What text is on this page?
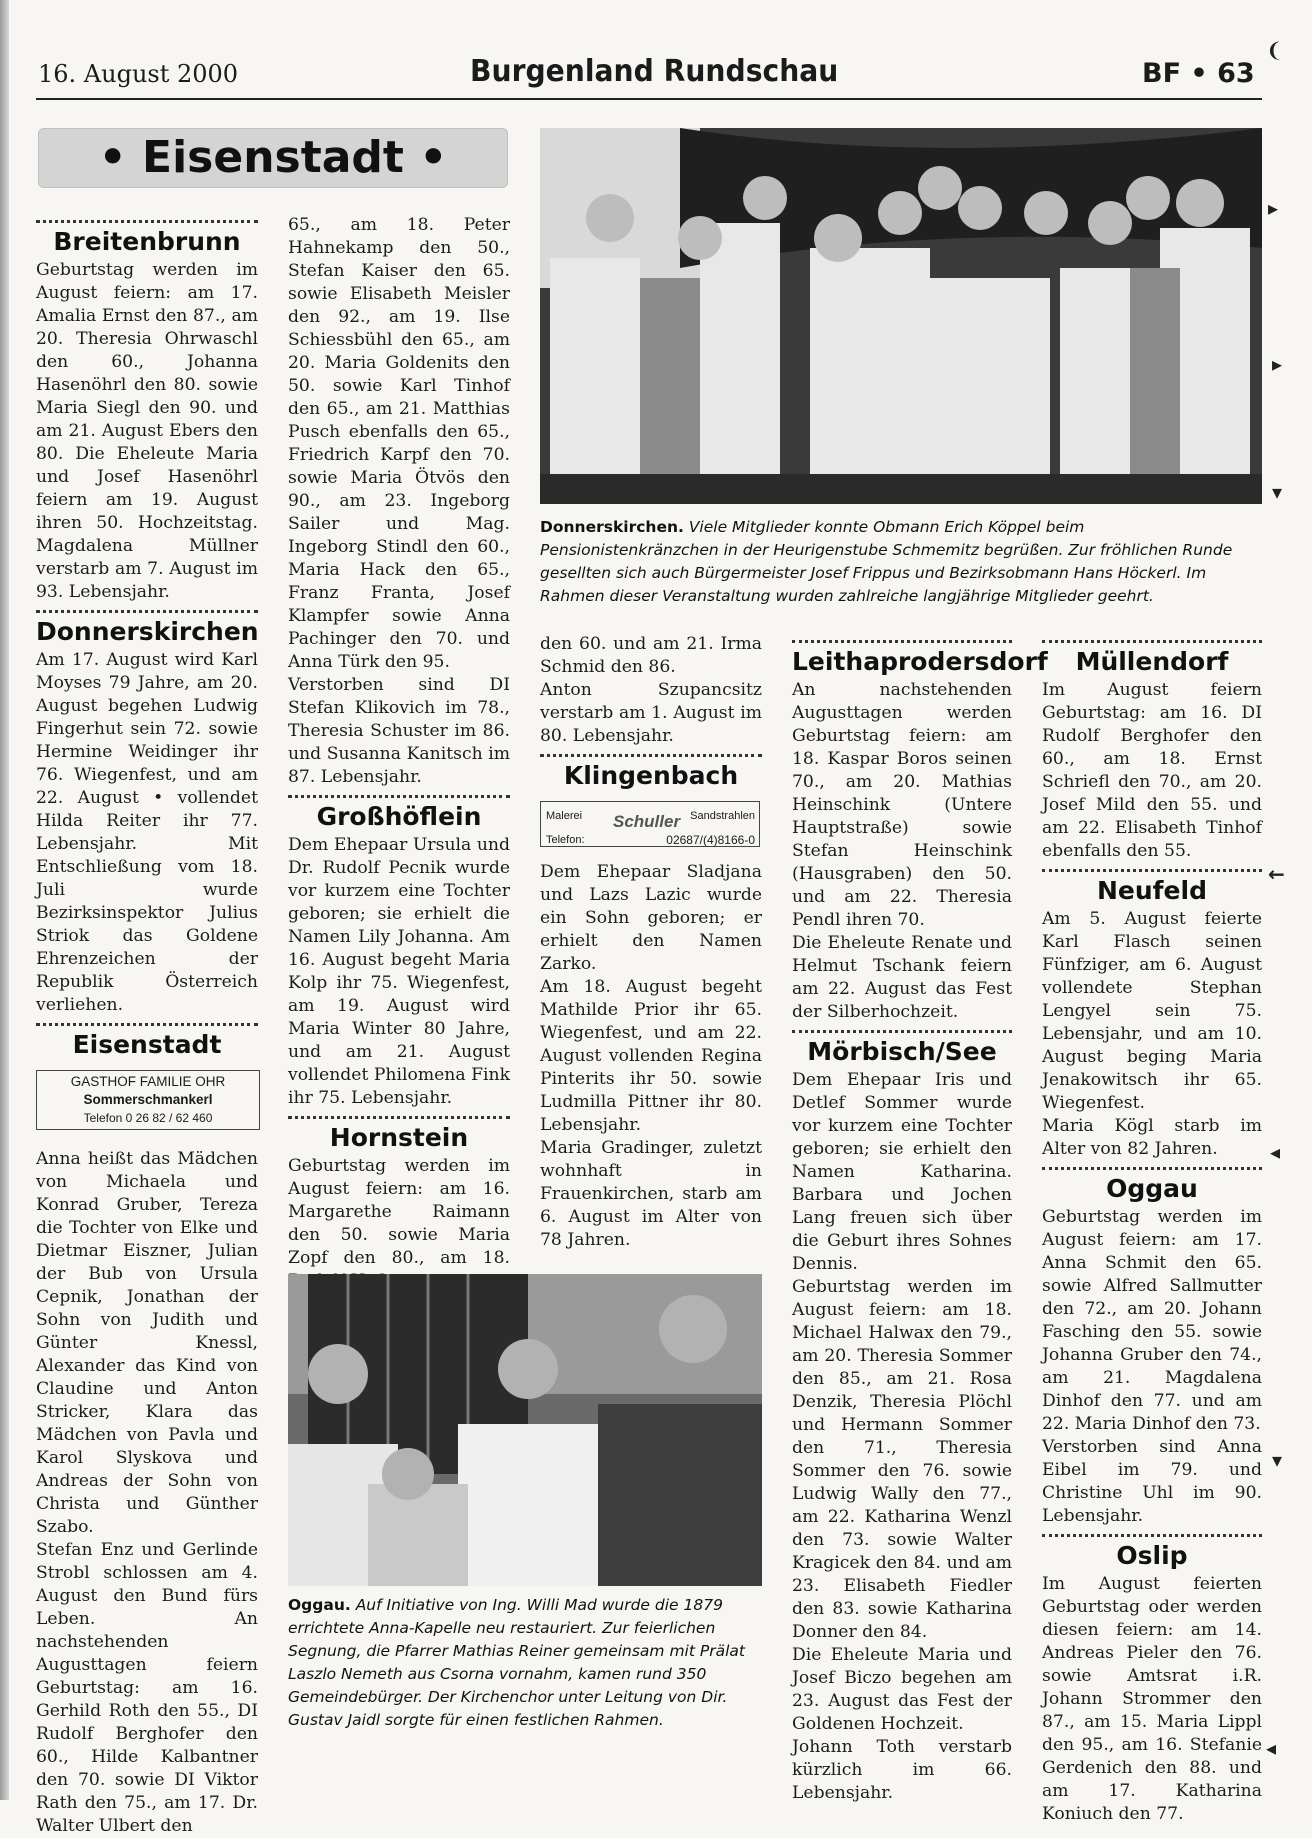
16. August 2000	Burgenland Rundschau	BF • 63
• Eisenstadt •
Breitenbrunn

Geburtstag werden im August feiern: am 17. Amalia Ernst den 87., am 20. Theresia Ohrwaschl den 60., Johanna Hasenöhrl den 80. sowie Maria Siegl den 90. und am 21. August Ebers den 80. Die Eheleute Maria und Josef Hasenöhrl feiern am 19. August ihren 50. Hochzeitstag. Magdalena Müllner verstarb am 7. August im 93. Lebensjahr.

Donnerskirchen

Am 17. August wird Karl Moyses 79 Jahre, am 20. August begehen Ludwig Fingerhut sein 72. sowie Hermine Weidinger ihr 76. Wiegenfest, und am 22. August • vollendet Hilda Reiter ihr 77. Lebensjahr. Mit Entschließung vom 18. Juli wurde Bezirksinspektor Julius Striok das Goldene Ehrenzeichen der Republik Österreich verliehen.

Eisenstadt
GASTHOF FAMILIE OHR
Sommerschmankerl
Telefon 0 26 82 / 62 460

Anna heißt das Mädchen von Michaela und Konrad Gruber, Tereza die Tochter von Elke und Dietmar Eiszner, Julian der Bub von Ursula Cepnik, Jonathan der Sohn von Judith und Günter Knessl, Alexander das Kind von Claudine und Anton Stricker, Klara das Mädchen von Pavla und Karol Slyskova und Andreas der Sohn von Christa und Günther Szabo.

Stefan Enz und Gerlinde Strobl schlossen am 4. August den Bund fürs Leben. An nachstehenden Augusttagen feiern Geburtstag: am 16. Gerhild Roth den 55., DI Rudolf Berghofer den 60., Hilde Kalbantner den 70. sowie DI Viktor Rath den 75., am 17. Dr. Walter Ulbert den

65., am 18. Peter Hahnekamp den 50., Stefan Kaiser den 65. sowie Elisabeth Meisler den 92., am 19. Ilse Schiessbühl den 65., am 20. Maria Goldenits den 50. sowie Karl Tinhof den 65., am 21. Matthias Pusch ebenfalls den 65., Friedrich Karpf den 70. sowie Maria Ötvös den 90., am 23. Ingeborg Sailer und Mag. Ingeborg Stindl den 60., Maria Hack den 65., Franz Franta, Josef Klampfer sowie Anna Pachinger den 70. und Anna Türk den 95.

Verstorben sind DI Stefan Klikovich im 78., Theresia Schuster im 86. und Susanna Kanitsch im 87. Lebensjahr.

Großhöflein

Dem Ehepaar Ursula und Dr. Rudolf Pecnik wurde vor kurzem eine Tochter geboren; sie erhielt die Namen Lily Johanna. Am 16. August begeht Maria Kolp ihr 75. Wiegenfest, am 19. August wird Maria Winter 80 Jahre, und am 21. August vollendet Philomena Fink ihr 75. Lebensjahr.

Hornstein

Geburtstag werden im August feiern: am 16. Margarethe Raimann den 50. sowie Maria Zopf den 80., am 18.

Donnerskirchen. Viele Mitglieder konnte Obmann Erich Köppel beim Pensionistenkränzchen in der Heurigenstube Schmemitz begrüßen. Zur fröhlichen Runde gesellten sich auch Bürgermeister Josef Frippus und Bezirksobmann Hans Höckerl. Im Rahmen dieser Veranstaltung wurden zahlreiche langjährige Mitglieder geehrt.

den 60. und am 21. Irma Schmid den 86.

Anton Szupancsitz verstarb am 1. August im 80. Lebensjahr.

Klingenbach
Malerei	Sandstrahlen
Schuller
Telefon:	02687/(4)8166-0

Dem Ehepaar Sladjana und Lazs Lazic wurde ein Sohn geboren; er erhielt den Namen Zarko.

Am 18. August begeht Mathilde Prior ihr 65. Wiegenfest, und am 22. August vollenden Regina Pinterits ihr 50. sowie Ludmilla Pittner ihr 80. Lebensjahr.

Maria Gradinger, zuletzt wohnhaft in Frauenkirchen, starb am 6. August im Alter von 78 Jahren.

Oggau. Auf Initiative von Ing. Willi Mad wurde die 1879 errichtete Anna-Kapelle neu restauriert. Zur feierlichen Segnung, die Pfarrer Mathias Reiner gemeinsam mit Prälat Laszlo Nemeth aus Csorna vornahm, kamen rund 350 Gemeindebürger. Der Kirchenchor unter Leitung von Dir. Gustav Jaidl sorgte für einen festlichen Rahmen.
Leithaprodersdorf

An nachstehenden Augusttagen werden Geburtstag feiern: am 18. Kaspar Boros seinen 70., am 20. Mathias Heinschink (Untere Hauptstraße) sowie Stefan Heinschink (Hausgraben) den 50. und am 22. Theresia Pendl ihren 70.

Die Eheleute Renate und Helmut Tschank feiern am 22. August das Fest der Silberhochzeit.

Mörbisch/See

Dem Ehepaar Iris und Detlef Sommer wurde vor kurzem eine Tochter geboren; sie erhielt den Namen Katharina. Barbara und Jochen Lang freuen sich über die Geburt ihres Sohnes Dennis.

Geburtstag werden im August feiern: am 18. Michael Halwax den 79., am 20. Theresia Sommer den 85., am 21. Rosa Denzik, Theresia Plöchl und Hermann Sommer den 71., Theresia Sommer den 76. sowie Ludwig Wally den 77., am 22. Katharina Wenzl den 73. sowie Walter Kragicek den 84. und am 23. Elisabeth Fiedler den 83. sowie Katharina Donner den 84.

Die Eheleute Maria und Josef Biczo begehen am 23. August das Fest der Goldenen Hochzeit.

Johann Toth verstarb kürzlich im 66. Lebensjahr.

Müllendorf

Im August feiern Geburtstag: am 16. DI Rudolf Berghofer den 60., am 18. Ernst Schriefl den 70., am 20. Josef Mild den 55. und am 22. Elisabeth Tinhof ebenfalls den 55.

Neufeld

Am 5. August feierte Karl Flasch seinen Fünfziger, am 6. August vollendete Stephan Lengyel sein 75. Lebensjahr, und am 10. August beging Maria Jenakowitsch ihr 65. Wiegenfest.

Maria Kögl starb im Alter von 82 Jahren.

Oggau

Geburtstag werden im August feiern: am 17. Anna Schmit den 65. sowie Alfred Sallmutter den 72., am 20. Johann Fasching den 55. sowie Johanna Gruber den 74., am 21. Magdalena Dinhof den 77. und am 22. Maria Dinhof den 73.

Verstorben sind Anna Eibel im 79. und Christine Uhl im 90. Lebensjahr.

Oslip

Im August feierten Geburtstag oder werden diesen feiern: am 14. Andreas Pieler den 76. sowie Amtsrat i.R. Johann Strommer den 87., am 15. Maria Lippl den 95., am 16. Stefanie Gerdenich den 88. und am 17. Katharina Koniuch den 77.

❨
▸
▸
▾
←
◂
▾
◂
